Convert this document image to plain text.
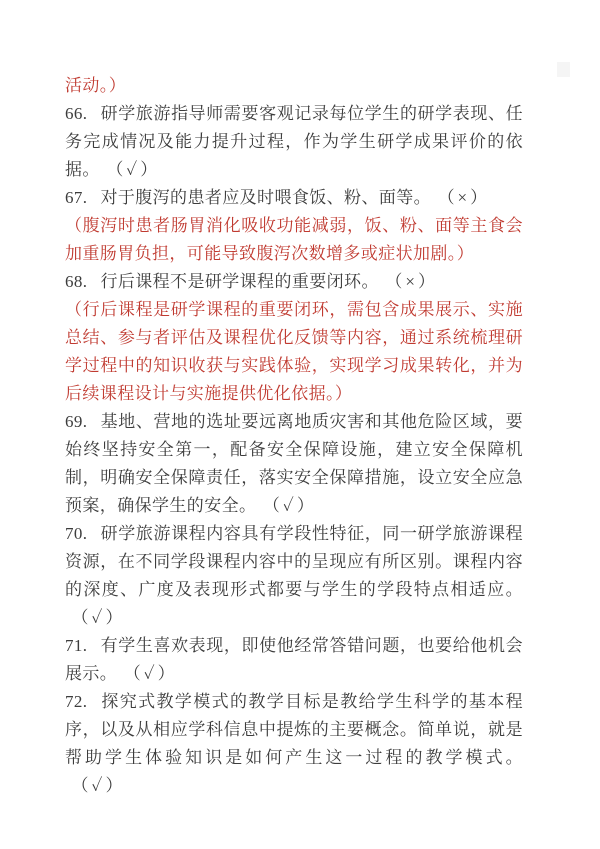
活动。）

66. 研学旅游指导师需要客观记录每位学生的研学表现、任务完成情况及能力提升过程，作为学生研学成果评价的依据。 （✓）

67. 对于腹泻的患者应及时喂食饭、粉、面等。 （×）

（腹泻时患者肠胃消化吸收功能减弱，饭、粉、面等主食会加重肠胃负担，可能导致腹泻次数增多或症状加剧。）

68. 行后课程不是研学课程的重要闭环。 （×）

（行后课程是研学课程的重要闭环，需包含成果展示、实施总结、参与者评估及课程优化反馈等内容，通过系统梳理研学过程中的知识收获与实践体验，实现学习成果转化，并为后续课程设计与实施提供优化依据。）

69. 基地、营地的选址要远离地质灾害和其他危险区域，要始终坚持安全第一，配备安全保障设施，建立安全保障机制，明确安全保障责任，落实安全保障措施，设立安全应急预案，确保学生的安全。 （✓）

70. 研学旅游课程内容具有学段性特征，同一研学旅游课程资源，在不同学段课程内容中的呈现应有所区别。课程内容的深度、广度及表现形式都要与学生的学段特点相适应。（✓）

71. 有学生喜欢表现，即使他经常答错问题，也要给他机会展示。 （✓）

72. 探究式教学模式的教学目标是教给学生科学的基本程序，以及从相应学科信息中提炼的主要概念。简单说，就是帮助学生体验知识是如何产生这一过程的教学模式。（✓）
